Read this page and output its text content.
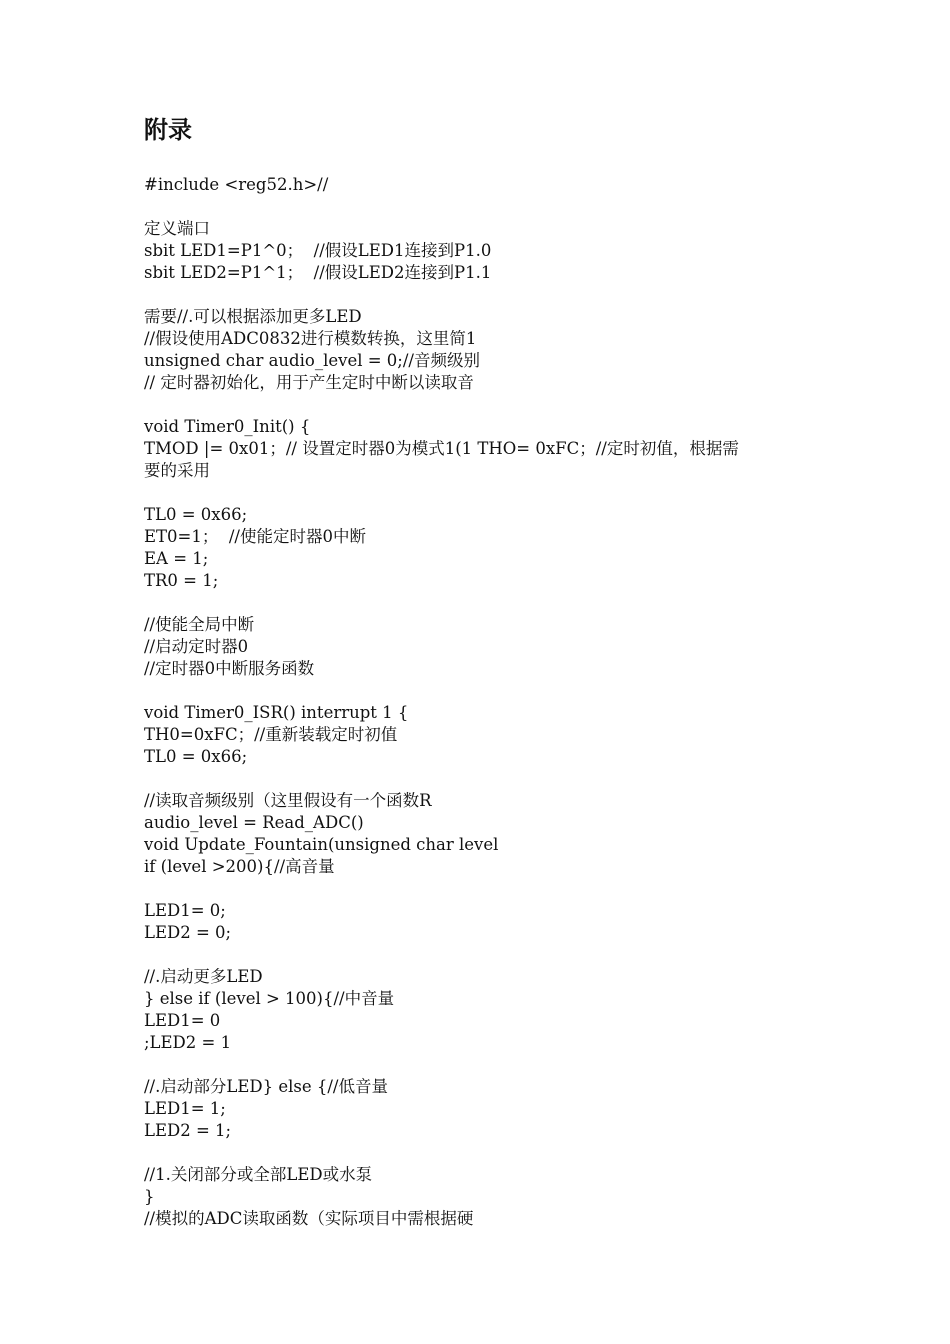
附录
#include <reg52.h>//
定义端口
sbit LED1=P1^0；  //假设LED1连接到P1.0
sbit LED2=P1^1；  //假设LED2连接到P1.1
需要//.可以根据添加更多LED
//假设使用ADC0832进行模数转换，这里简1
unsigned char audio_level = 0;//音频级别
// 定时器初始化，用于产生定时中断以读取音
void Timer0_Init() {
TMOD |= 0x01；// 设置定时器0为模式1(1 THO= 0xFC；//定时初值，根据需
要的采用
TL0 = 0x66;
ET0=1；  //使能定时器0中断
EA = 1;
TR0 = 1;
//使能全局中断
//启动定时器0
//定时器0中断服务函数
void Timer0_ISR() interrupt 1 {
TH0=0xFC；//重新装载定时初值
TL0 = 0x66;
//读取音频级别（这里假设有一个函数R
audio_level = Read_ADC()
void Update_Fountain(unsigned char level
if (level >200){//高音量
LED1= 0;
LED2 = 0;
//.启动更多LED
} else if (level > 100){//中音量
LED1= 0
;LED2 = 1
//.启动部分LED} else {//低音量
LED1= 1;
LED2 = 1;
//1.关闭部分或全部LED或水泵
}
//模拟的ADC读取函数（实际项目中需根据硬
